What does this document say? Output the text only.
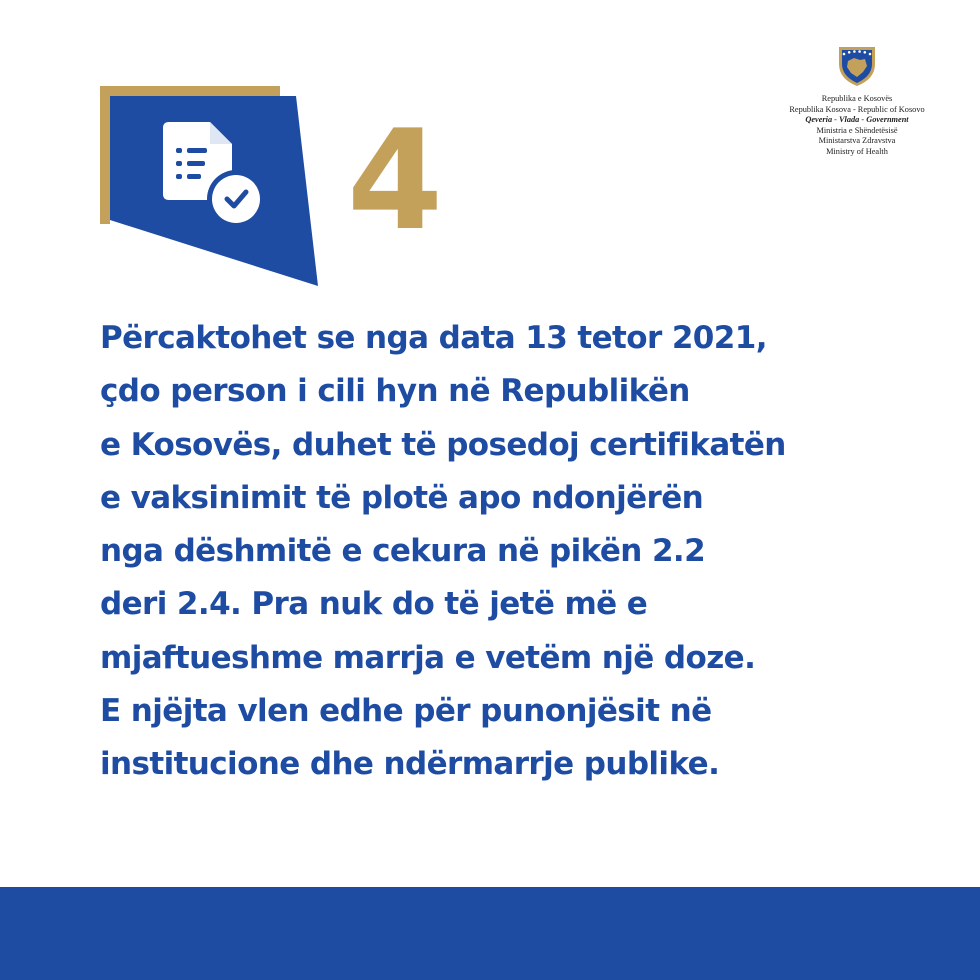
4
Republika e Kosovës
Republika Kosova - Republic of Kosovo
Qeveria - Vlada - Government
Ministria e Shëndetësisë
Ministarstva Zdravstva
Ministry of Health

Përcaktohet se nga data 13 tetor 2021,
çdo person i cili hyn në Republikën
e Kosovës, duhet të posedoj certifikatën
e vaksinimit të plotë apo ndonjërën
nga dëshmitë e cekura në pikën 2.2
deri 2.4. Pra nuk do të jetë më e
mjaftueshme marrja e vetëm një doze.
E njëjta vlen edhe për punonjësit në
institucione dhe ndërmarrje publike.
